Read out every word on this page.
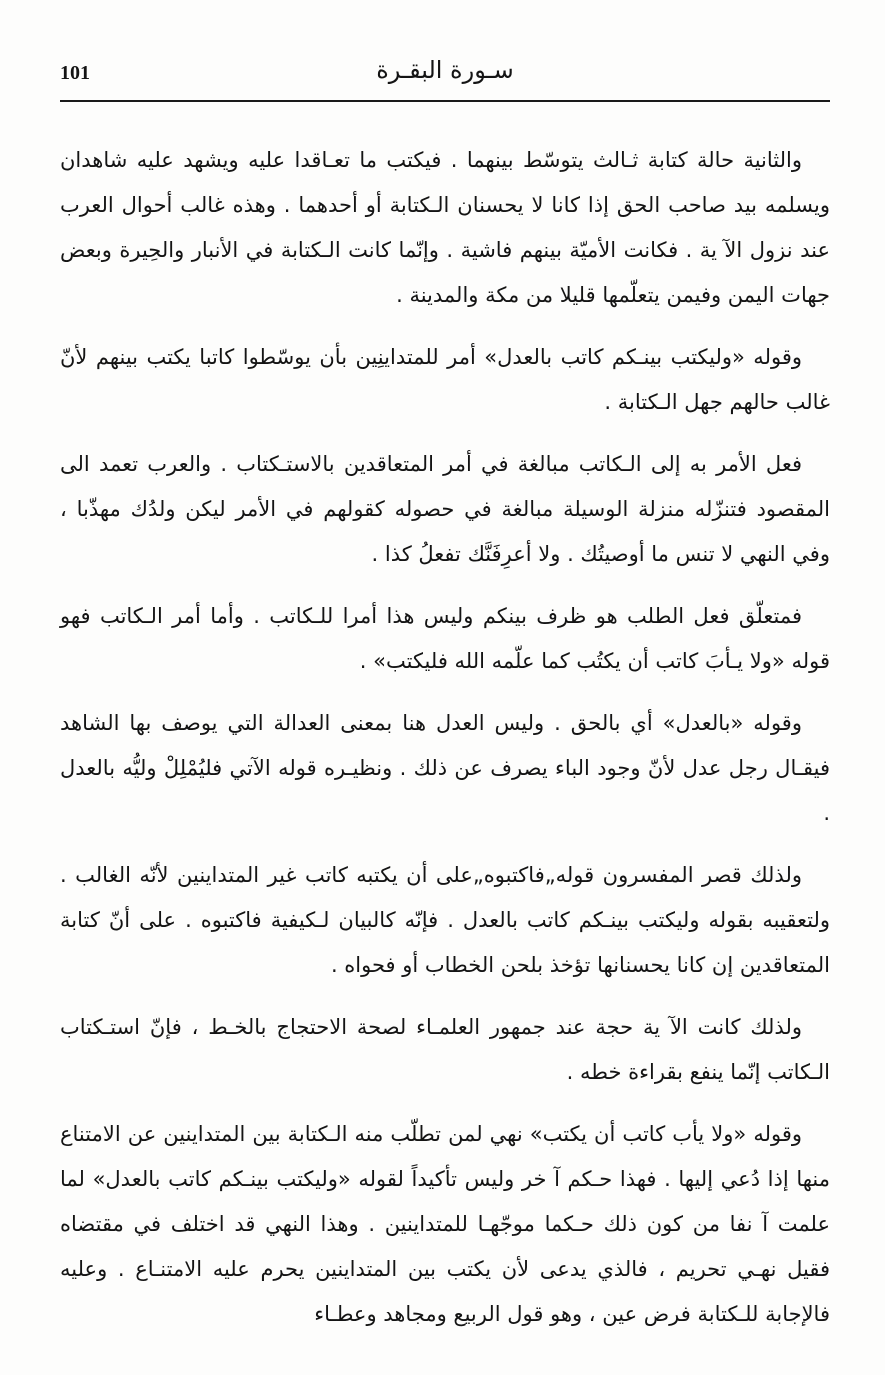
101	سـورة البقـرة

والثانية حالة كتابة ثـالث يتوسّط بينهما . فيكتب ما تعـاقدا عليه ويشهد عليه شاهدان ويسلمه بيد صاحب الحق إذا كانا لا يحسنان الـكتابة أو أحدهما . وهذه غالب أحوال العرب عند نزول الآ ية . فكانت الأميّة بينهم فاشية . وإنّما كانت الـكتابة في الأنبار والحِيرة وبعض جهات اليمن وفيمن يتعلّمها قليلا من مكة والمدينة .

وقوله «وليكتب بينـكم كاتب بالعدل» أمر للمتداينِين بأن يوسّطوا كاتبا يكتب بينهم لأنّ غالب حالهم جهل الـكتابة .

فعل الأمر به إلى الـكاتب مبالغة في أمر المتعاقدين بالاستـكتاب . والعرب تعمد الى المقصود فتنزّله منزلة الوسيلة مبالغة في حصوله كقولهم في الأمر ليكن ولدُك مهذّبا ، وفي النهي لا تنس ما أوصيتُك . ولا أعرِفَنَّك تفعلُ كذا .

فمتعلّق فعل الطلب هو ظرف بينكم وليس هذا أمرا للـكاتب . وأما أمر الـكاتب فهو قوله «ولا يـأبَ كاتب أن يكتُب كما علّمه الله فليكتب» .

وقوله «بالعدل» أي بالحق . وليس العدل هنا بمعنى العدالة التي يوصف بها الشاهد فيقـال رجل عدل لأنّ وجود الباء يصرف عن ذلك . ونظيـره قوله الآتي فليُمْلِلْ وليُّه بالعدل .

ولذلك قصر المفسرون قوله„فاكتبوه„على أن يكتبه كاتب غير المتداينين لأنّه الغالب . ولتعقيبه بقوله وليكتب بينـكم كاتب بالعدل . فإنّه كالبيان لـكيفية فاكتبوه . على أنّ كتابة المتعاقدين إن كانا يحسنانها تؤخذ بلحن الخطاب أو فحواه .

ولذلك كانت الآ ية حجة عند جمهور العلمـاء لصحة الاحتجاج بالخـط ، فإنّ استـكتاب الـكاتب إنّما ينفع بقراءة خطه .

وقوله «ولا يأب كاتب أن يكتب» نهي لمن تطلّب منه الـكتابة بين المتداينين عن الامتناع منها إذا دُعي إليها . فهذا حـكم آ خر وليس تأكيداً لقوله «وليكتب بينـكم كاتب بالعدل» لما علمت آ نفا من كون ذلك حـكما موجّهـا للمتداينين . وهذا النهي قد اختلف في مقتضاه فقيل نهـي تحريم ، فالذي يدعى لأن يكتب بين المتداينين يحرم عليه الامتنـاع . وعليه فالإجابة للـكتابة فرض عين ، وهو قول الربيع ومجاهد وعطـاء
